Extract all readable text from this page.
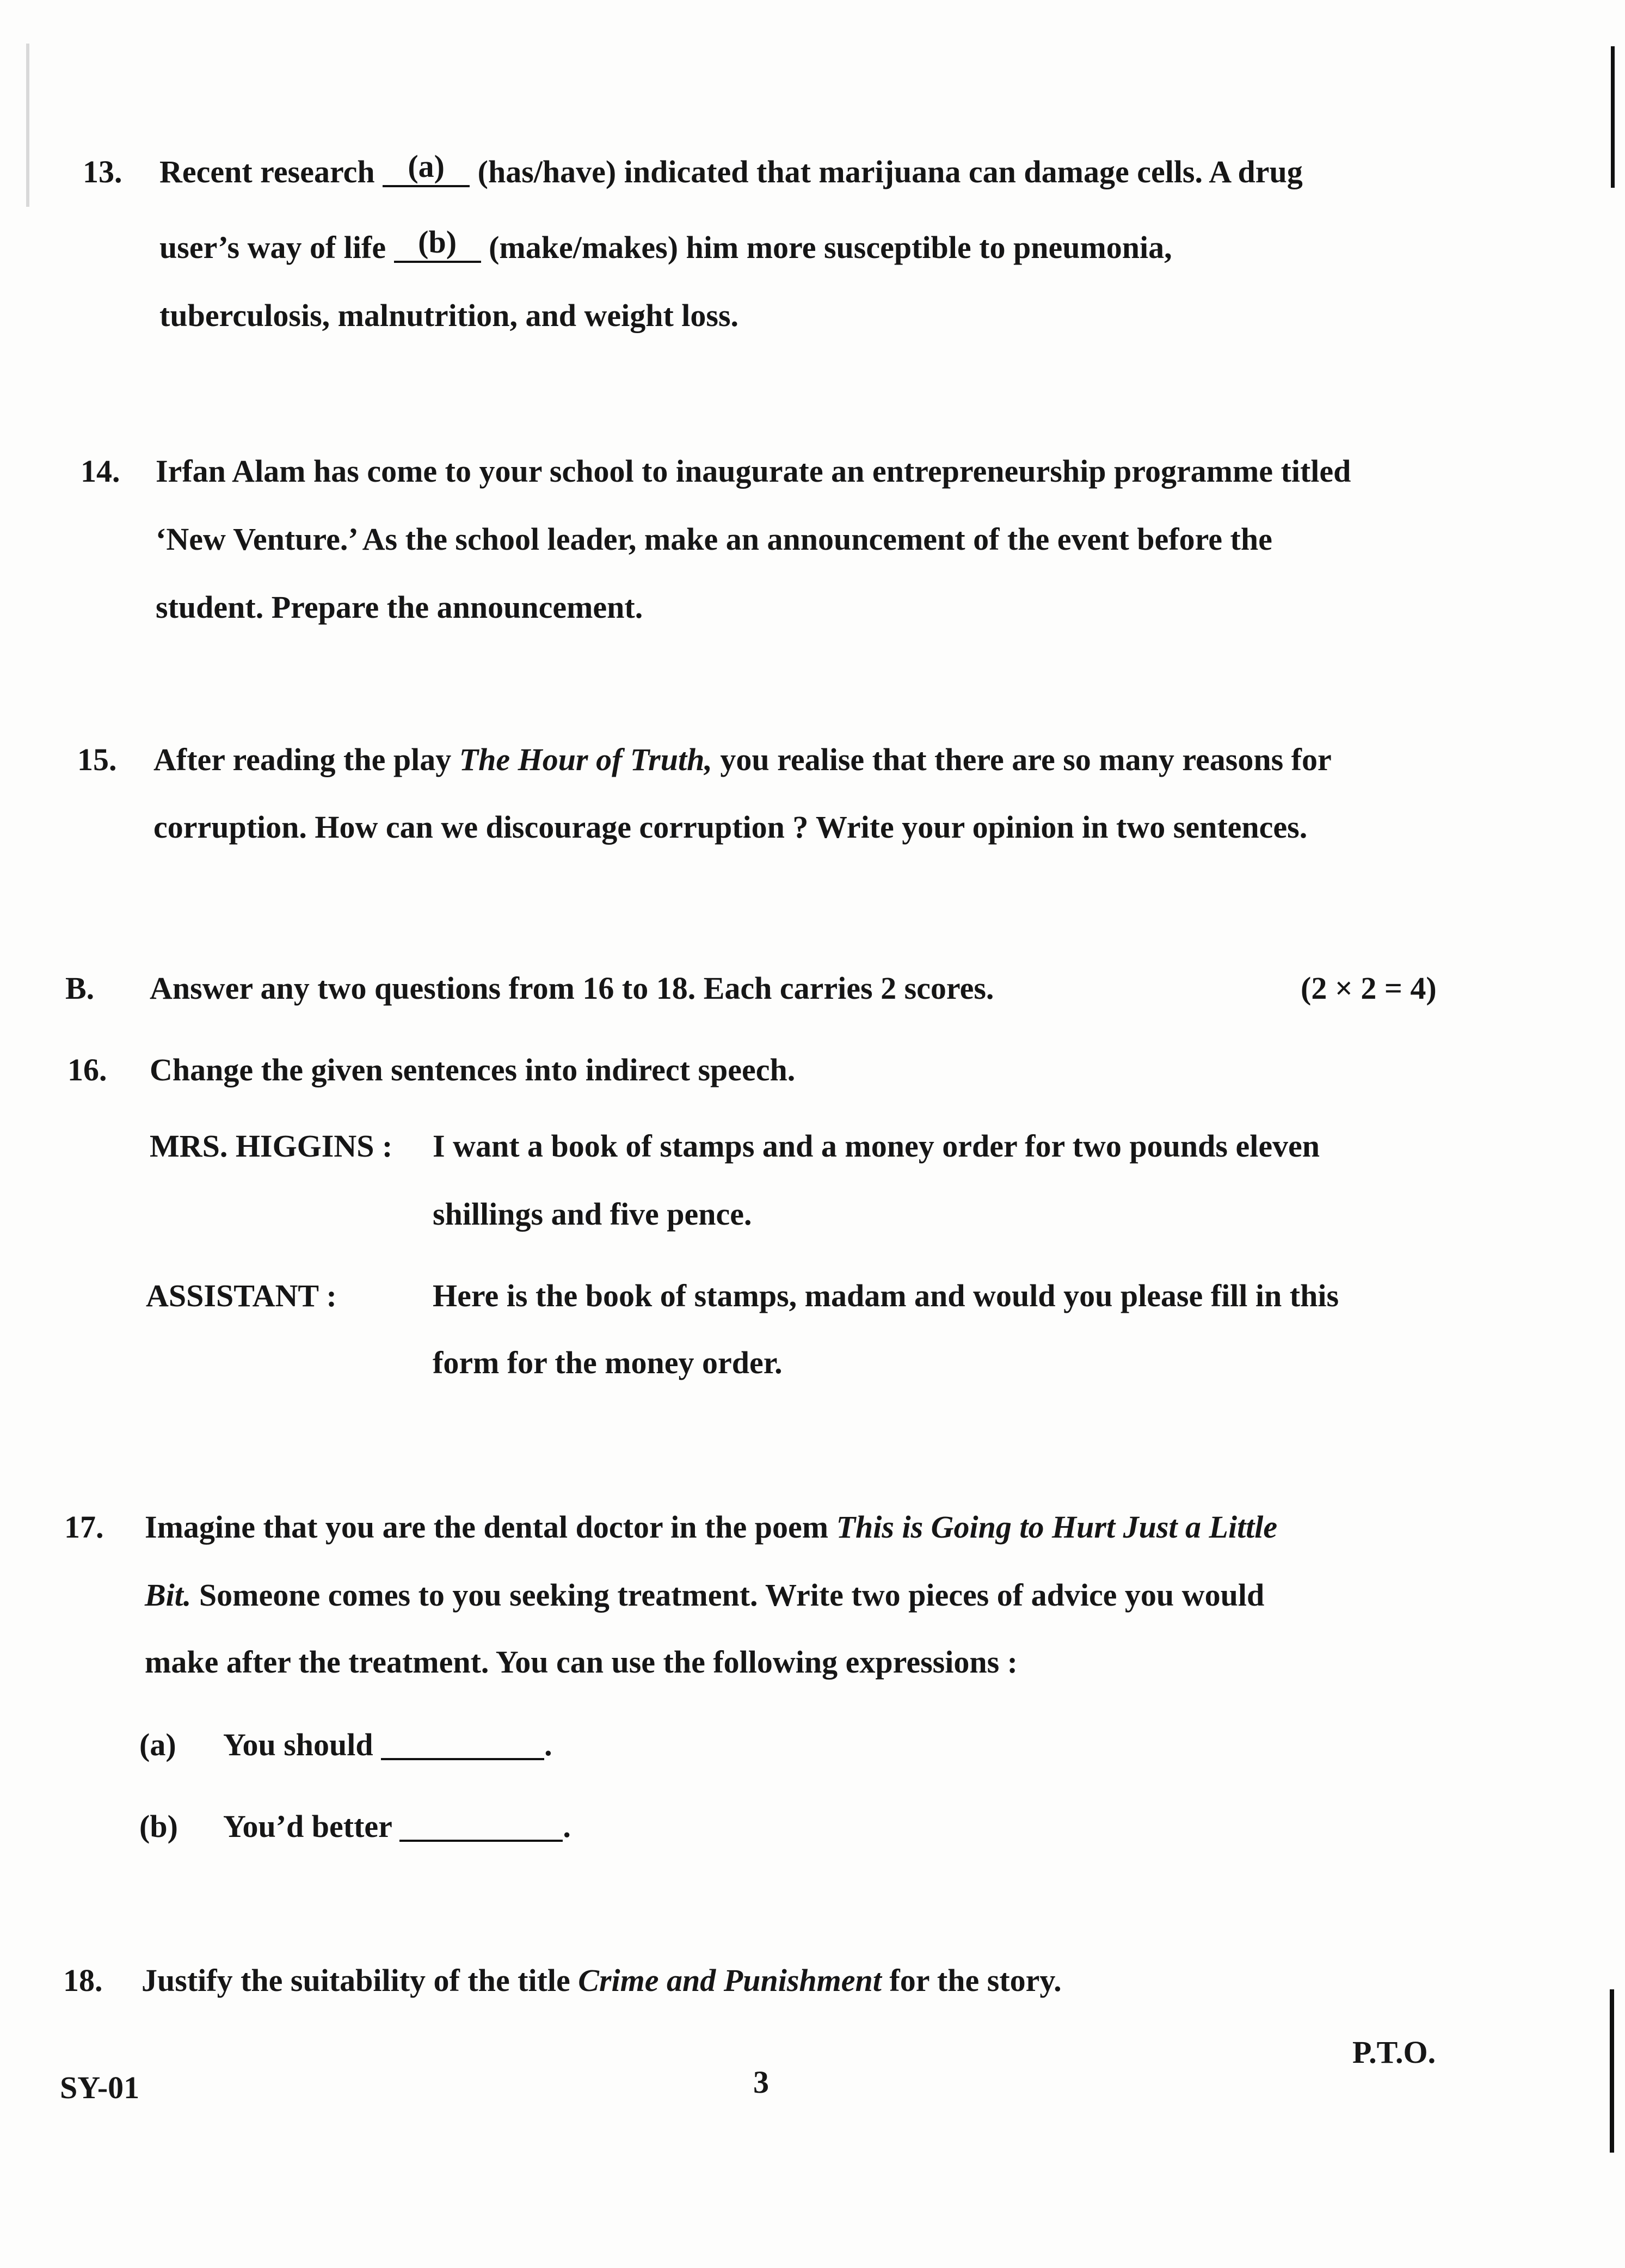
13. Recent research (a) (has/have) indicated that marijuana can damage cells. A drug
user’s way of life (b) (make/makes) him more susceptible to pneumonia,
tuberculosis, malnutrition, and weight loss.
14. Irfan Alam has come to your school to inaugurate an entrepreneurship programme titled
‘New Venture.’ As the school leader, make an announcement of the event before the
student. Prepare the announcement.
15. After reading the play The Hour of Truth, you realise that there are so many reasons for
corruption. How can we discourage corruption ? Write your opinion in two sentences.
B. Answer any two questions from 16 to 18. Each carries 2 scores.	(2 × 2 = 4)
16. Change the given sentences into indirect speech.
MRS. HIGGINS : I want a book of stamps and a money order for two pounds eleven
shillings and five pence.
ASSISTANT :	Here is the book of stamps, madam and would you please fill in this
form for the money order.
17. Imagine that you are the dental doctor in the poem This is Going to Hurt Just a Little
Bit. Someone comes to you seeking treatment. Write two pieces of advice you would
make after the treatment. You can use the following expressions :
(a) You should	.
(b) You’d better	.
18. Justify the suitability of the title Crime and Punishment for the story.
SY-01	3
P.T.O.
